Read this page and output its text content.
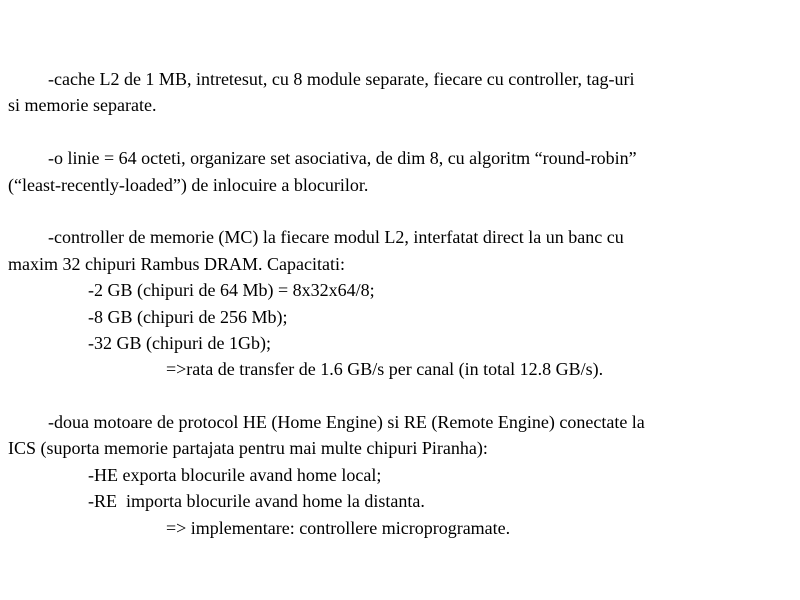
-cache L2 de 1 MB, intretesut, cu 8 module separate, fiecare cu controller, tag-uri
si memorie separate.
-o linie = 64 octeti, organizare set asociativa, de dim 8, cu algoritm “round-robin”
(“least-recently-loaded”) de inlocuire a blocurilor.
-controller de memorie (MC) la fiecare modul L2, interfatat direct la un banc cu
maxim 32 chipuri Rambus DRAM. Capacitati:
-2 GB (chipuri de 64 Mb) = 8x32x64/8;
-8 GB (chipuri de 256 Mb);
-32 GB (chipuri de 1Gb);
=>rata de transfer de 1.6 GB/s per canal (in total 12.8 GB/s).
-doua motoare de protocol HE (Home Engine) si RE (Remote Engine) conectate la
ICS (suporta memorie partajata pentru mai multe chipuri Piranha):
-HE exporta blocurile avand home local;
-RE  importa blocurile avand home la distanta.
=> implementare: controllere microprogramate.
